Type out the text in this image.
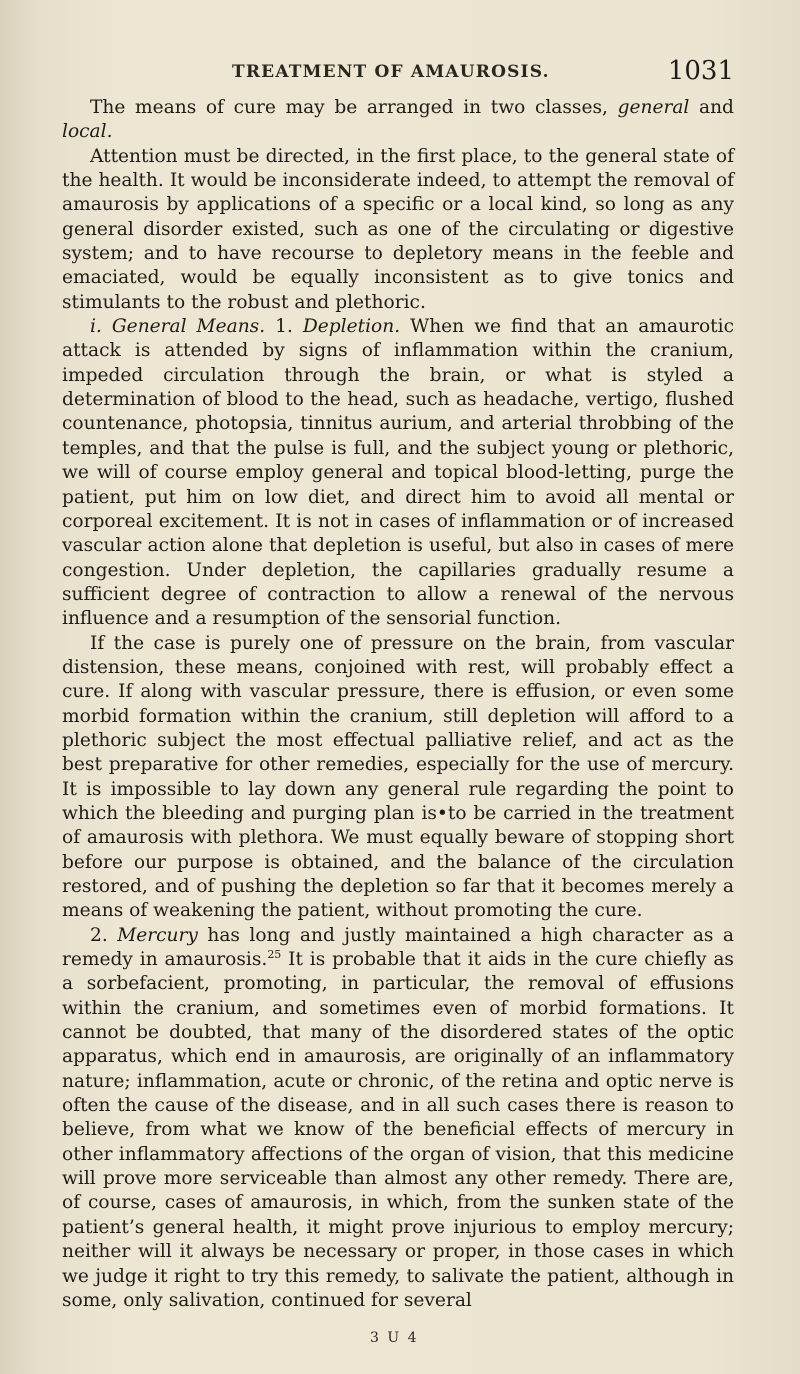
TREATMENT OF AMAUROSIS.	1031

The means of cure may be arranged in two classes, general and local.

Attention must be directed, in the first place, to the general state of the health. It would be inconsiderate indeed, to attempt the removal of amaurosis by applications of a specific or a local kind, so long as any general disorder existed, such as one of the circulating or digestive system; and to have recourse to depletory means in the feeble and emaciated, would be equally inconsistent as to give tonics and stimulants to the robust and plethoric.

i. General Means. 1. Depletion. When we find that an amaurotic attack is attended by signs of inflammation within the cranium, impeded circulation through the brain, or what is styled a determination of blood to the head, such as headache, vertigo, flushed countenance, photopsia, tinnitus aurium, and arterial throbbing of the temples, and that the pulse is full, and the subject young or plethoric, we will of course employ general and topical blood-letting, purge the patient, put him on low diet, and direct him to avoid all mental or corporeal excitement. It is not in cases of inflammation or of increased vascular action alone that depletion is useful, but also in cases of mere congestion. Under depletion, the capillaries gradually resume a sufficient degree of contraction to allow a renewal of the nervous influence and a resumption of the sensorial function.

If the case is purely one of pressure on the brain, from vascular distension, these means, conjoined with rest, will probably effect a cure. If along with vascular pressure, there is effusion, or even some morbid formation within the cranium, still depletion will afford to a plethoric subject the most effectual palliative relief, and act as the best preparative for other remedies, especially for the use of mercury. It is impossible to lay down any general rule regarding the point to which the bleeding and purging plan is•to be carried in the treatment of amaurosis with plethora. We must equally beware of stopping short before our purpose is obtained, and the balance of the circulation restored, and of pushing the depletion so far that it becomes merely a means of weakening the patient, without promoting the cure.

2. Mercury has long and justly maintained a high character as a remedy in amaurosis.$^{25}$ It is probable that it aids in the cure chiefly as a sorbefacient, promoting, in particular, the removal of effusions within the cranium, and sometimes even of morbid formations. It cannot be doubted, that many of the disordered states of the optic apparatus, which end in amaurosis, are originally of an inflammatory nature; inflammation, acute or chronic, of the retina and optic nerve is often the cause of the disease, and in all such cases there is reason to believe, from what we know of the beneficial effects of mercury in other inflammatory affections of the organ of vision, that this medicine will prove more serviceable than almost any other remedy. There are, of course, cases of amaurosis, in which, from the sunken state of the patient’s general health, it might prove injurious to employ mercury; neither will it always be necessary or proper, in those cases in which we judge it right to try this remedy, to salivate the patient, although in some, only salivation, continued for several

3 U 4
